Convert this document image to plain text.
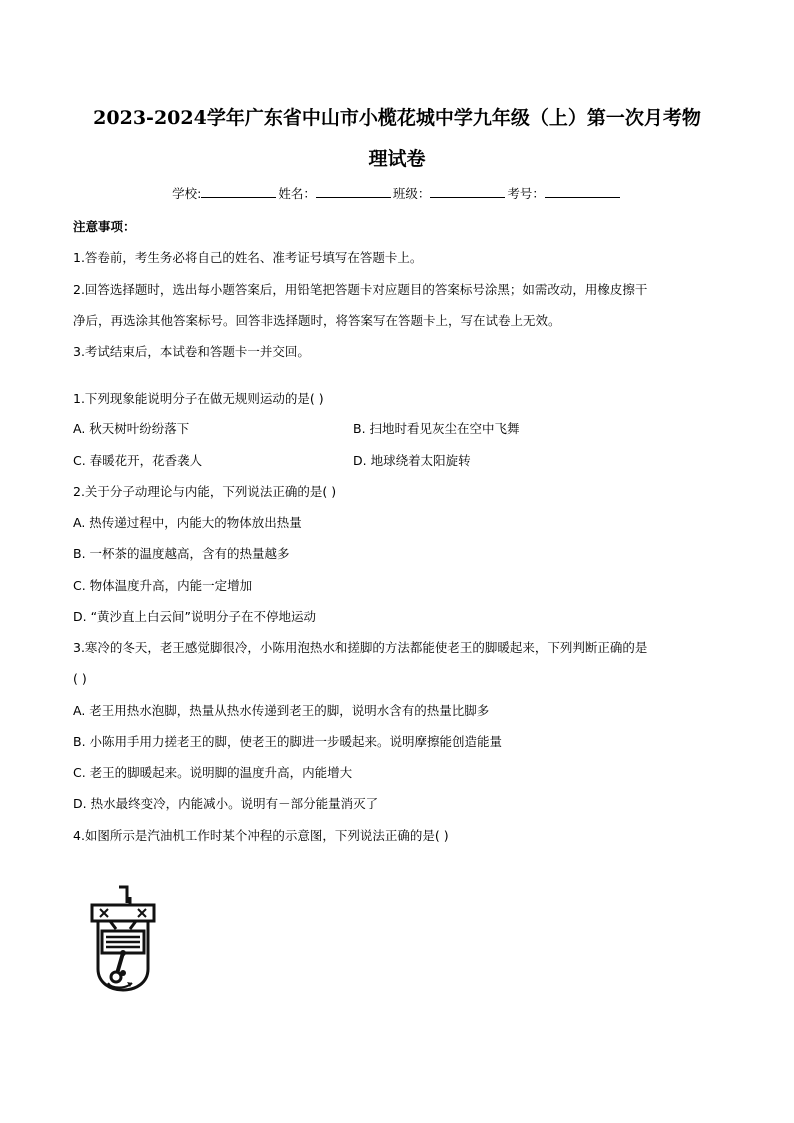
2023-2024学年广东省中山市小榄花城中学九年级（上）第一次月考物
理试卷
学校:	姓名：	班级：	考号：
注意事项：
1.答卷前，考生务必将自己的姓名、准考证号填写在答题卡上。
2.回答选择题时，选出每小题答案后，用铅笔把答题卡对应题目的答案标号涂黑；如需改动，用橡皮擦干
净后，再选涂其他答案标号。回答非选择题时，将答案写在答题卡上，写在试卷上无效。
3.考试结束后，本试卷和答题卡一并交回。
1.下列现象能说明分子在做无规则运动的是( )
A. 秋天树叶纷纷落下	B. 扫地时看见灰尘在空中飞舞
C. 春暖花开，花香袭人	D. 地球绕着太阳旋转
2.关于分子动理论与内能，下列说法正确的是( )
A. 热传递过程中，内能大的物体放出热量
B. 一杯茶的温度越高，含有的热量越多
C. 物体温度升高，内能一定增加
D. “黄沙直上白云间”说明分子在不停地运动
3.寒冷的冬天，老王感觉脚很冷，小陈用泡热水和搓脚的方法都能使老王的脚暖起来，下列判断正确的是
( )
A. 老王用热水泡脚，热量从热水传递到老王的脚，说明水含有的热量比脚多
B. 小陈用手用力搓老王的脚，使老王的脚进一步暖起来。说明摩擦能创造能量
C. 老王的脚暖起来。说明脚的温度升高，内能增大
D. 热水最终变冷，内能减小。说明有－部分能量消灭了
4.如图所示是汽油机工作时某个冲程的示意图，下列说法正确的是( )
